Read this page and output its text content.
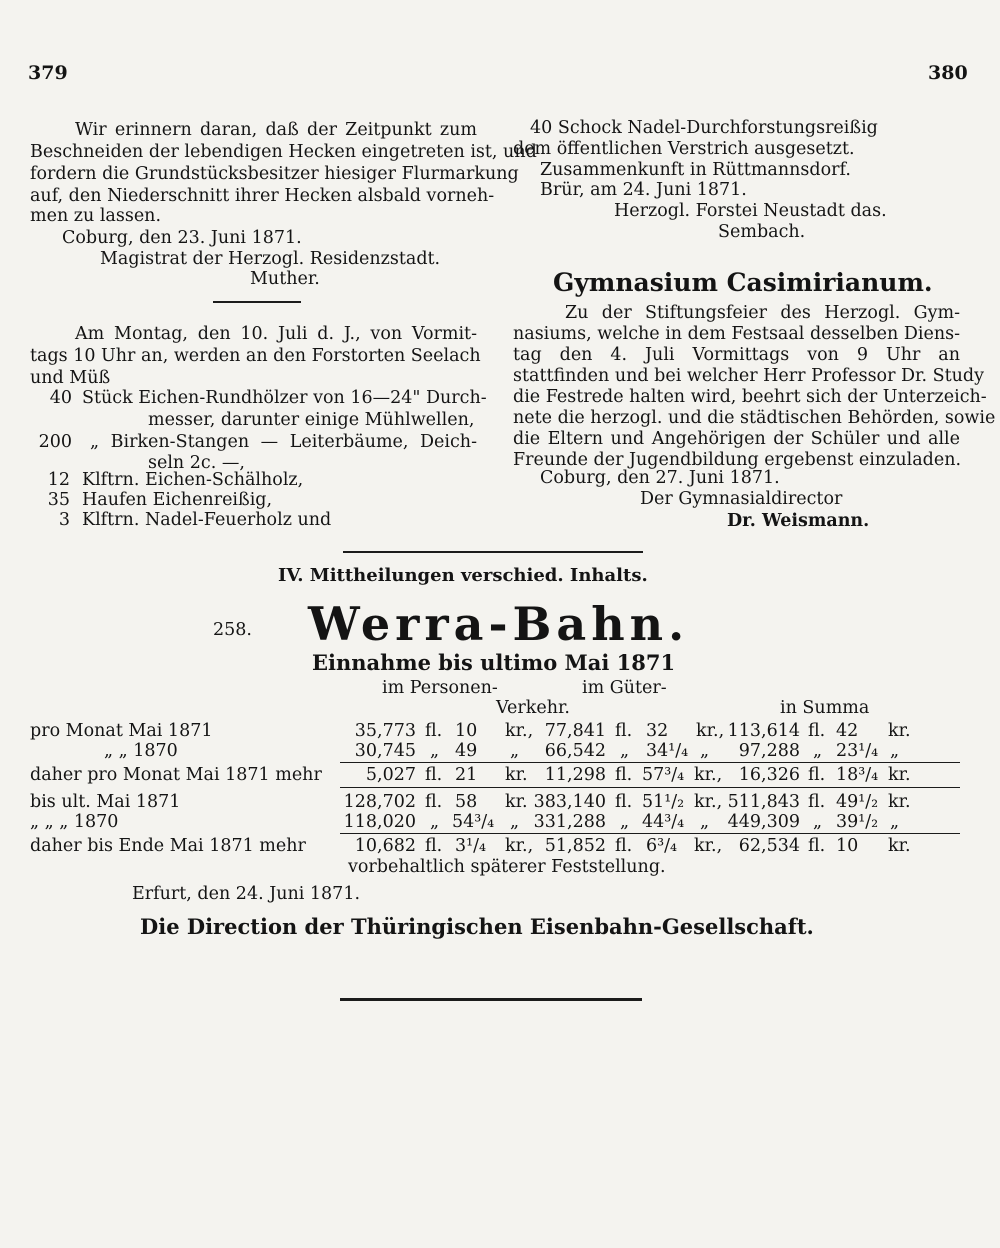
379	380
Wir erinnern daran, daß der Zeitpunkt zum
Beschneiden der lebendigen Hecken eingetreten ist, und
fordern die Grundstücksbesitzer hiesiger Flurmarkung
auf, den Niederschnitt ihrer Hecken alsbald vorneh-
men zu lassen.
Coburg, den 23. Juni 1871.
Magistrat der Herzogl. Residenzstadt.
Muther.
Am Montag, den 10. Juli d. J., von Vormit-
tags 10 Uhr an, werden an den Forstorten Seelach
und Müß
40 Stück Eichen-Rundhölzer von 16—24" Durch-
messer, darunter einige Mühlwellen,
200 „ Birken-Stangen — Leiterbäume, Deich-
seln 2c. —,
12 Klftrn. Eichen-Schälholz,
35 Haufen Eichenreißig,
3 Klftrn. Nadel-Feuerholz und
40 Schock Nadel-Durchforstungsreißig
dem öffentlichen Verstrich ausgesetzt.
Zusammenkunft in Rüttmannsdorf.
Brür, am 24. Juni 1871.
Herzogl. Forstei Neustadt das.
Sembach.
Gymnasium Casimirianum.
Zu der Stiftungsfeier des Herzogl. Gym-
nasiums, welche in dem Festsaal desselben Diens-
tag den 4. Juli Vormittags von 9 Uhr an
stattfinden und bei welcher Herr Professor Dr. Study
die Festrede halten wird, beehrt sich der Unterzeich-
nete die herzogl. und die städtischen Behörden, sowie
die Eltern und Angehörigen der Schüler und alle
Freunde der Jugendbildung ergebenst einzuladen.
Coburg, den 27. Juni 1871.
Der Gymnasialdirector
Dr. Weismann.
IV. Mittheilungen verschied. Inhalts.
258. Werra-Bahn.
Einnahme bis ultimo Mai 1871
im Personen-	im Güter-
Verkehr.	in Summa
pro Monat Mai 1871	35,773 fl. 10 kr., 77,841 fl. 32 kr., 113,614 fl. 42 kr.
„ „ 1870	30,745 „ 49 „	66,542 „ 34¹/₄ „	97,288 „ 23¹/₄ „
daher pro Monat Mai 1871 mehr	5,027 fl. 21 kr. 11,298 fl. 57³/₄ kr., 16,326 fl. 18³/₄ kr.
bis ult. Mai 1871	128,702 fl. 58 kr. 383,140 fl. 51¹/₂ kr., 511,843 fl. 49¹/₂ kr.
„ „ „ 1870	118,020 „ 54³/₄ „ 331,288 „ 44³/₄ „	449,309 „ 39¹/₂ „
daher bis Ende Mai 1871 mehr	10,682 fl. 3¹/₄ kr., 51,852 fl. 6³/₄ kr., 62,534 fl. 10 kr.
vorbehaltlich späterer Feststellung.
Erfurt, den 24. Juni 1871.
Die Direction der Thüringischen Eisenbahn-Gesellschaft.
